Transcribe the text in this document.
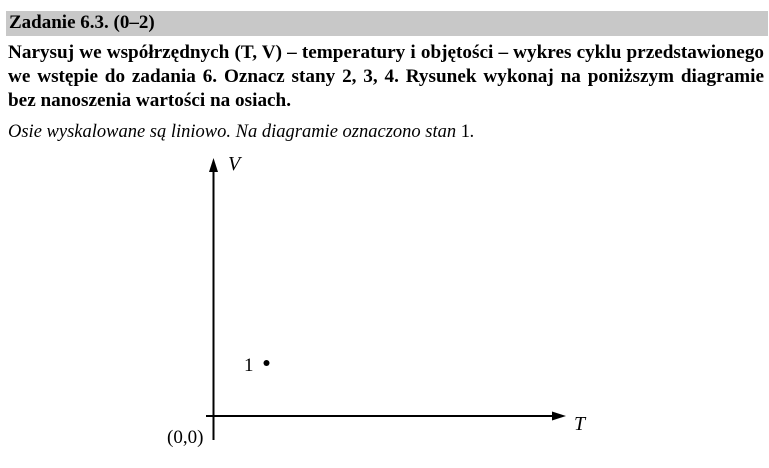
Zadanie 6.3. (0–2)
Narysuj we współrzędnych (T, V) – temperatury i objętości – wykres cyklu przedstawionego we wstępie do zadania 6. Oznacz stany 2, 3, 4. Rysunek wykonaj na poniższym diagramie bez nanoszenia wartości na osiach.
Osie wyskalowane są liniowo. Na diagramie oznaczono stan 1.
V
T
(0,0)
1
